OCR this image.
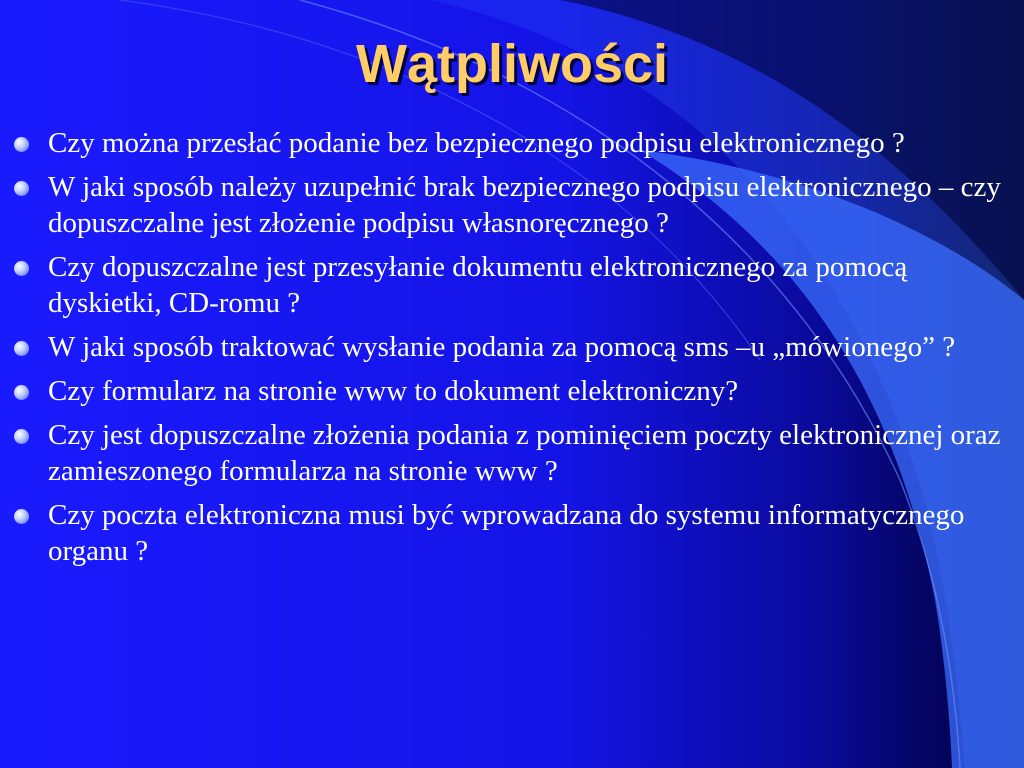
Wątpliwości
Czy można przesłać podanie bez bezpiecznego podpisu elektronicznego ?
W jaki sposób należy uzupełnić brak bezpiecznego podpisu elektronicznego – czy dopuszczalne jest złożenie podpisu własnoręcznego ?
Czy dopuszczalne jest przesyłanie dokumentu elektronicznego za pomocą dyskietki, CD-romu ?
W jaki sposób traktować wysłanie podania za pomocą sms –u „mówionego” ?
Czy formularz na stronie www to dokument elektroniczny?
Czy jest dopuszczalne złożenia podania z pominięciem poczty elektronicznej oraz zamieszonego formularza na stronie www ?
Czy poczta elektroniczna musi być wprowadzana do systemu informatycznego organu ?
